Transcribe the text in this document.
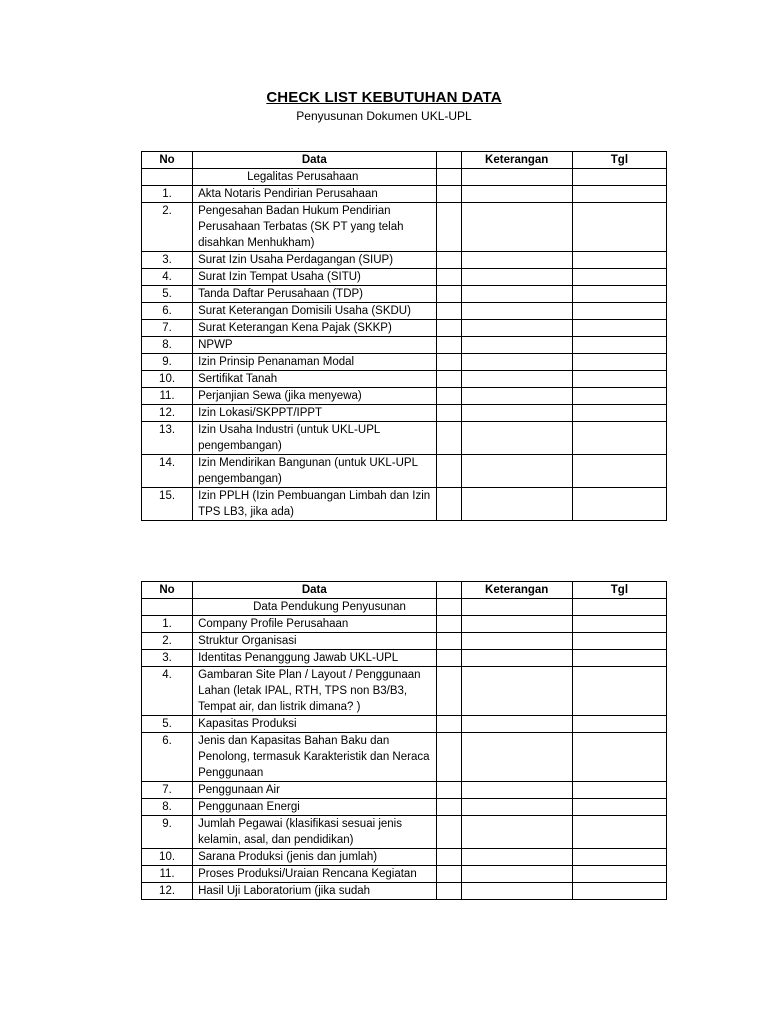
CHECK LIST KEBUTUHAN DATA
Penyusunan Dokumen UKL-UPL
No	Data		Keterangan	Tgl
	Legalitas Perusahaan			
1.	Akta Notaris Pendirian Perusahaan			
2.	Pengesahan Badan Hukum Pendirian Perusahaan Terbatas (SK PT yang telah disahkan Menhukham)			
3.	Surat Izin Usaha Perdagangan (SIUP)			
4.	Surat Izin Tempat Usaha (SITU)			
5.	Tanda Daftar Perusahaan (TDP)			
6.	Surat Keterangan Domisili Usaha (SKDU)			
7.	Surat Keterangan Kena Pajak (SKKP)			
8.	NPWP			
9.	Izin Prinsip Penanaman Modal			
10.	Sertifikat Tanah			
11.	Perjanjian Sewa (jika menyewa)			
12.	Izin Lokasi/SKPPT/IPPT			
13.	Izin Usaha Industri (untuk UKL-UPL pengembangan)			
14.	Izin Mendirikan Bangunan (untuk UKL-UPL pengembangan)			
15.	Izin PPLH (Izin Pembuangan Limbah dan Izin TPS LB3, jika ada)			
No	Data		Keterangan	Tgl
	Data Pendukung Penyusunan			
1.	Company Profile Perusahaan			
2.	Struktur Organisasi			
3.	Identitas Penanggung Jawab UKL-UPL			
4.	Gambaran Site Plan / Layout / Penggunaan Lahan (letak IPAL, RTH, TPS non B3/B3, Tempat air, dan listrik dimana? )			
5.	Kapasitas Produksi			
6.	Jenis dan Kapasitas Bahan Baku dan Penolong, termasuk Karakteristik dan Neraca Penggunaan			
7.	Penggunaan Air			
8.	Penggunaan Energi			
9.	Jumlah Pegawai (klasifikasi sesuai jenis kelamin, asal, dan pendidikan)			
10.	Sarana Produksi (jenis dan jumlah)			
11.	Proses Produksi/Uraian Rencana Kegiatan			
12.	Hasil Uji Laboratorium (jika sudah			
